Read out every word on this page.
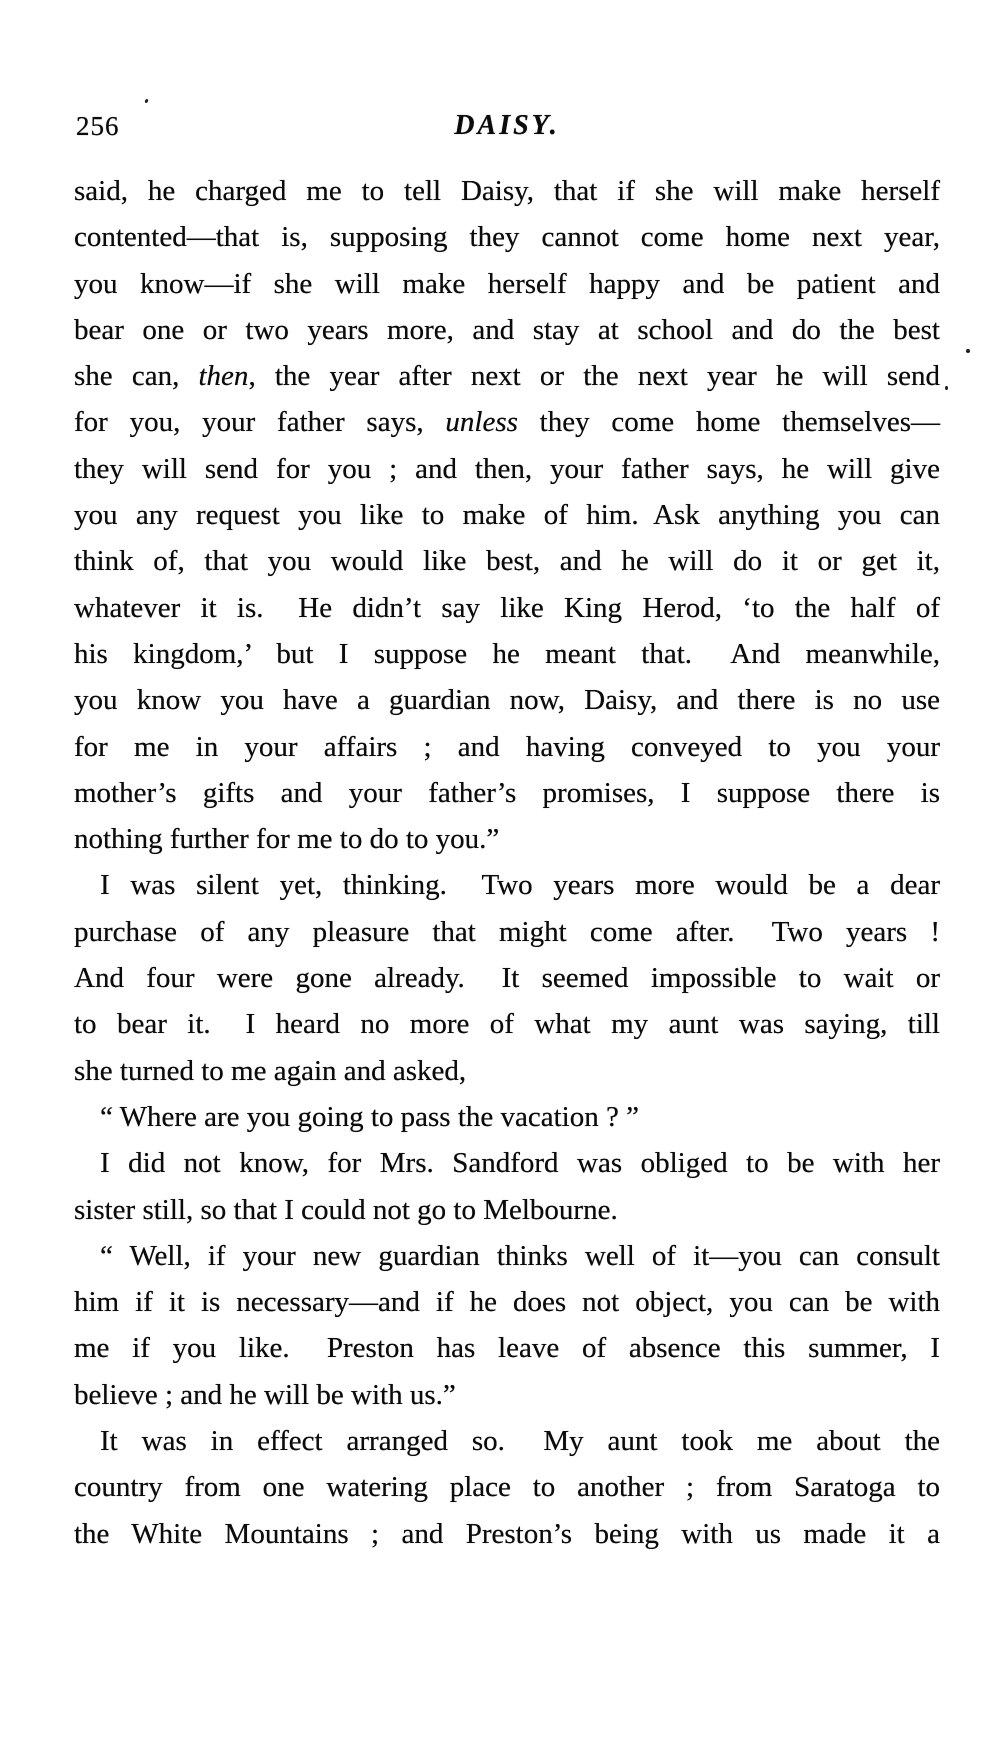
256	DAISY.
said, he charged me to tell Daisy, that if she will make herself
contented—that is, supposing they cannot come home next year,
you know—if she will make herself happy and be patient and
bear one or two years more, and stay at school and do the best
she can, then, the year after next or the next year he will send
for you, your father says, unless they come home themselves—
they will send for you ; and then, your father says, he will give
you any request you like to make of him. Ask anything you can
think of, that you would like best, and he will do it or get it,
whatever it is.  He didn’t say like King Herod, ‘to the half of
his kingdom,’ but I suppose he meant that.  And meanwhile,
you know you have a guardian now, Daisy, and there is no use
for me in your affairs ; and having conveyed to you your
mother’s gifts and your father’s promises, I suppose there is
nothing further for me to do to you.”
I was silent yet, thinking.  Two years more would be a dear
purchase of any pleasure that might come after.  Two years !
And four were gone already.  It seemed impossible to wait or
to bear it.  I heard no more of what my aunt was saying, till
she turned to me again and asked,
“ Where are you going to pass the vacation ? ”
I did not know, for Mrs. Sandford was obliged to be with her
sister still, so that I could not go to Melbourne.
“ Well, if your new guardian thinks well of it—you can consult
him if it is necessary—and if he does not object, you can be with
me if you like.  Preston has leave of absence this summer, I
believe ; and he will be with us.”
It was in effect arranged so.  My aunt took me about the
country from one watering place to another ; from Saratoga to
the White Mountains ; and Preston’s being with us made it a
